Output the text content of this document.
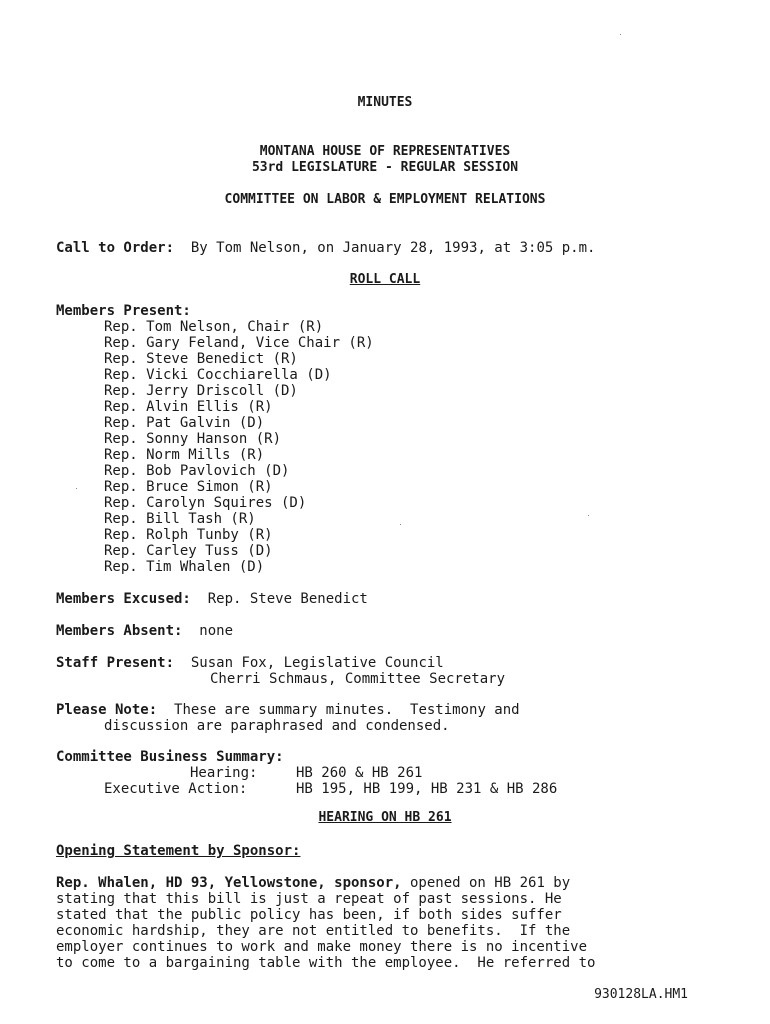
MINUTES
MONTANA HOUSE OF REPRESENTATIVES
53rd LEGISLATURE - REGULAR SESSION
COMMITTEE ON LABOR & EMPLOYMENT RELATIONS
Call to Order: By Tom Nelson, on January 28, 1993, at 3:05 p.m.
ROLL CALL
Members Present:
Rep. Tom Nelson, Chair (R)
Rep. Gary Feland, Vice Chair (R)
Rep. Steve Benedict (R)
Rep. Vicki Cocchiarella (D)
Rep. Jerry Driscoll (D)
Rep. Alvin Ellis (R)
Rep. Pat Galvin (D)
Rep. Sonny Hanson (R)
Rep. Norm Mills (R)
Rep. Bob Pavlovich (D)
Rep. Bruce Simon (R)
Rep. Carolyn Squires (D)
Rep. Bill Tash (R)
Rep. Rolph Tunby (R)
Rep. Carley Tuss (D)
Rep. Tim Whalen (D)
Members Excused: Rep. Steve Benedict
Members Absent: none
Staff Present: Susan Fox, Legislative Council
Cherri Schmaus, Committee Secretary
Please Note: These are summary minutes.  Testimony and
discussion are paraphrased and condensed.
Committee Business Summary:
Hearing:	HB 260 & HB 261
Executive Action:	HB 195, HB 199, HB 231 & HB 286
HEARING ON HB 261
Opening Statement by Sponsor:
Rep. Whalen, HD 93, Yellowstone, sponsor, opened on HB 261 by
stating that this bill is just a repeat of past sessions. He
stated that the public policy has been, if both sides suffer
economic hardship, they are not entitled to benefits.  If the
employer continues to work and make money there is no incentive
to come to a bargaining table with the employee.  He referred to
930128LA.HM1
